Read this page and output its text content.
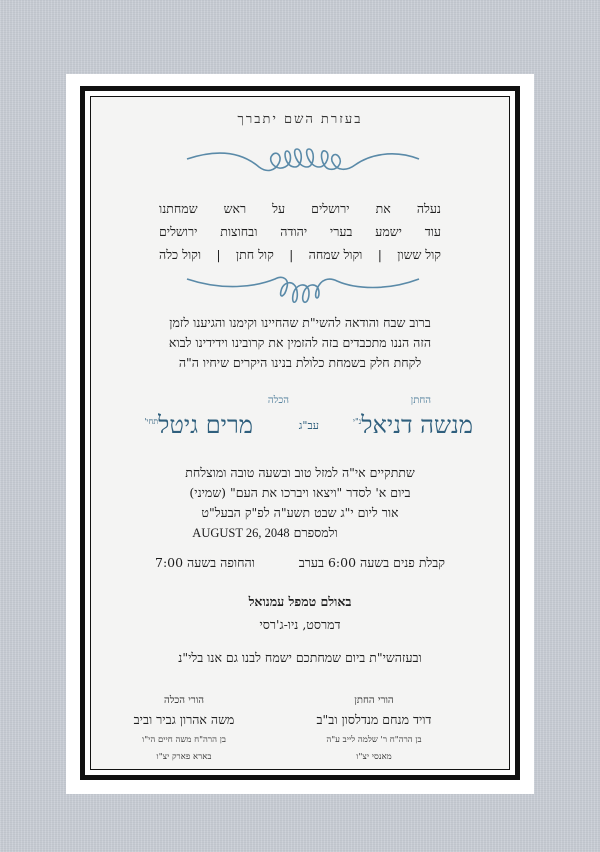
בעזרת השם יתברך
נעלה
את
ירושלים
על
ראש
שמחתנו
עוד
ישמע
בערי
יהודה
ובחוצות
ירושלים
קול ששון
|
וקול שמחה
|
קול חתן
|
וקול כלה
ברוב שבח והודאה להשי"ת שהחיינו וקימנו והגיענו לזמן
הזה הננו מתכבדים בזה להזמין את קרובינו וידידינו לבוא
לקחת חלק בשמחת כלולת בנינו היקרים שיחיו ה"ה
החתן
הכלה
מנשה דניאל$^{נ"י}$
עב"ג
מרים גיטל$^{תחי'}$
שתתקיים אי"ה למזל טוב ובשעה טובה ומוצלחת
ביום א' לסדר "ויצאו ויברכו את העם" (שמיני)
אור ליום י"ג שבט תשע"ה לפ"ק הבעל"ט
ולמספרם AUGUST 26, 2048
קבלת פנים בשעה 6:00 בערב
והחופה בשעה 7:00
באולם טמפל עמנואל
דמרסט, ניו-ג'רסי
ובעזהשי"ת ביום שמחתכם ישמח לבנו גם אנו בלי"נ
הורי החתן
דויד מנחם מנדלסון וב"ב
בן הרה"ח ר' שלמה לייב ע"ה
מאנסי יצ"ו
הורי הכלה
משה אהרון גביר וביב
בן הרה"ח משה חיים הי"ו
בארא פארק יצ"ו
